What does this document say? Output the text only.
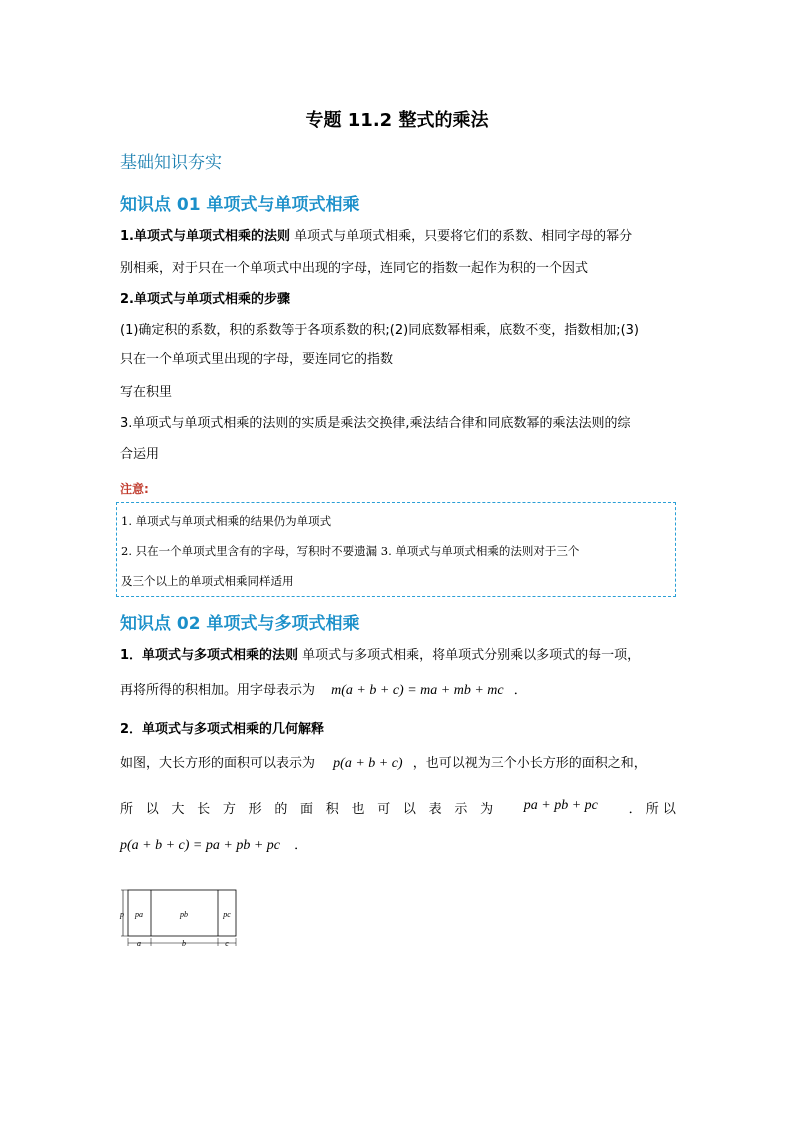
专题 11.2 整式的乘法
基础知识夯实
知识点 01 单项式与单项式相乘
1.单项式与单项式相乘的法则 单项式与单项式相乘，只要将它们的系数、相同字母的幂分
别相乘，对于只在一个单项式中出现的字母，连同它的指数一起作为积的一个因式
2.单项式与单项式相乘的步骤
(1)确定积的系数，积的系数等于各项系数的积;(2)同底数幂相乘，底数不变，指数相加;(3)
只在一个单项式里出现的字母，要连同它的指数
写在积里
3.单项式与单项式相乘的法则的实质是乘法交换律,乘法结合律和同底数幂的乘法法则的综
合运用
注意:
1. 单项式与单项式相乘的结果仍为单项式
2. 只在一个单项式里含有的字母，写积时不要遗漏 3. 单项式与单项式相乘的法则对于三个
及三个以上的单项式相乘同样适用
知识点 02 单项式与多项式相乘
1．单项式与多项式相乘的法则 单项式与多项式相乘，将单项式分别乘以多项式的每一项，
再将所得的积相加。用字母表示为 m(a + b + c) = ma + mb + mc ．
2．单项式与多项式相乘的几何解释
如图，大长方形的面积可以表示为 p(a + b + c) ，也可以视为三个小长方形的面积之和，
所 以 大 长 方 形 的 面 积 也 可 以 表 示 为 pa + pb + pc ． 所 以
p(a + b + c) = pa + pb + pc ．
p pa	pb	pc
a	b	c
